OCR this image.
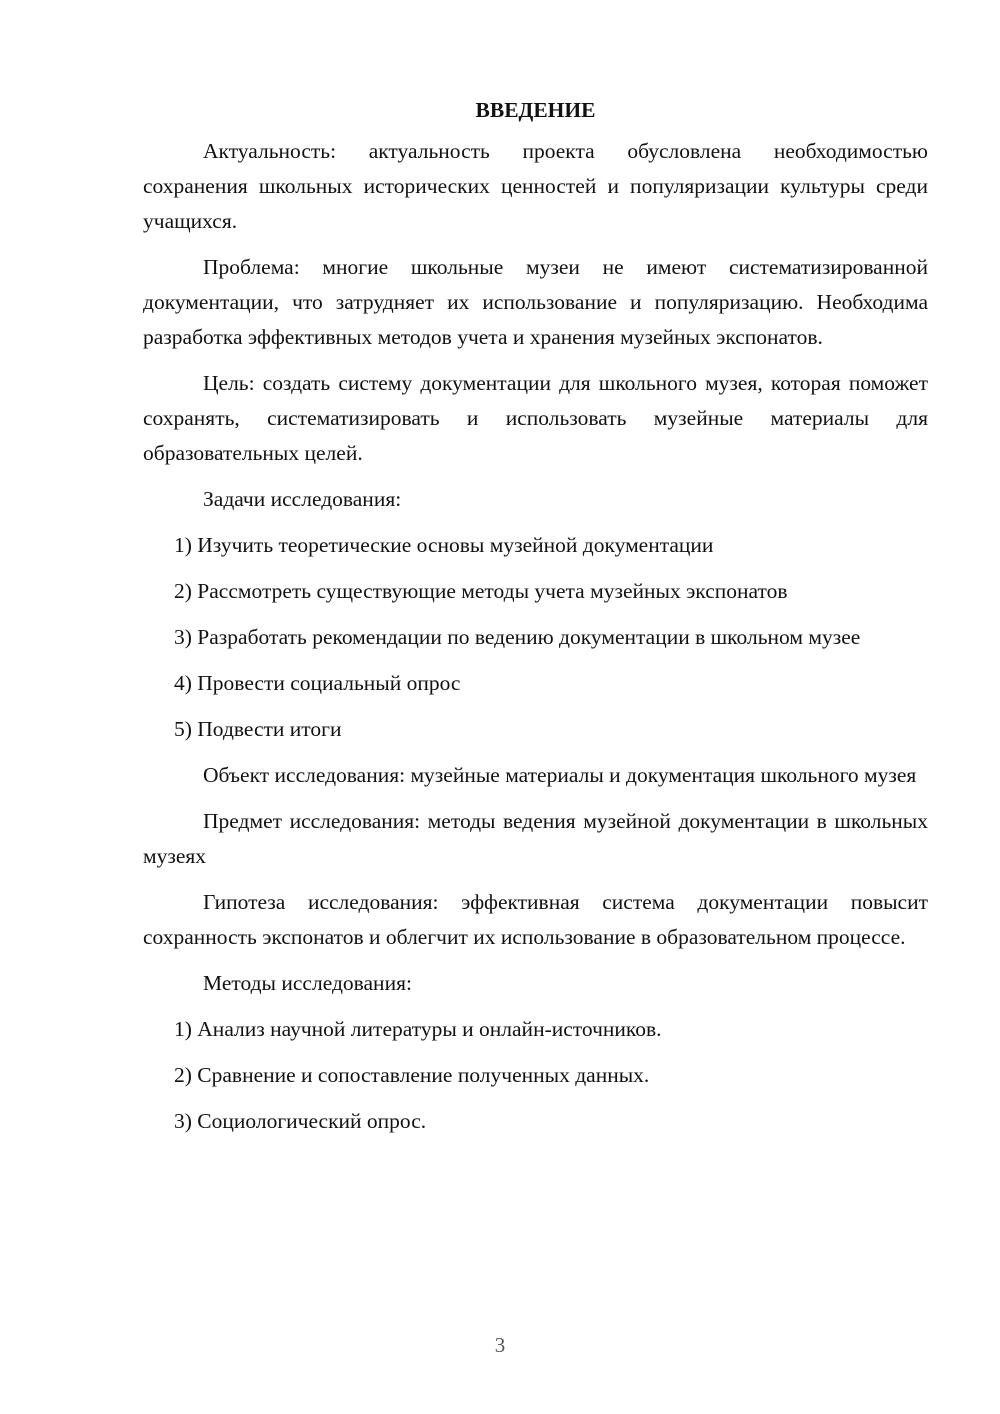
ВВЕДЕНИЕ

Актуальность: актуальность проекта обусловлена необходимостью сохранения школьных исторических ценностей и популяризации культуры среди учащихся.

Проблема: многие школьные музеи не имеют систематизированной документации, что затрудняет их использование и популяризацию. Необходима разработка эффективных методов учета и хранения музейных экспонатов.

Цель: создать систему документации для школьного музея, которая поможет сохранять, систематизировать и использовать музейные материалы для образовательных целей.

Задачи исследования:

1) Изучить теоретические основы музейной документации

2) Рассмотреть существующие методы учета музейных экспонатов

3) Разработать рекомендации по ведению документации в школьном музее

4) Провести социальный опрос

5) Подвести итоги

Объект исследования: музейные материалы и документация школьного музея

Предмет исследования: методы ведения музейной документации в школьных музеях

Гипотеза исследования: эффективная система документации повысит сохранность экспонатов и облегчит их использование в образовательном процессе.

Методы исследования:

1) Анализ научной литературы и онлайн-источников.

2) Сравнение и сопоставление полученных данных.

3) Социологический опрос.

3
